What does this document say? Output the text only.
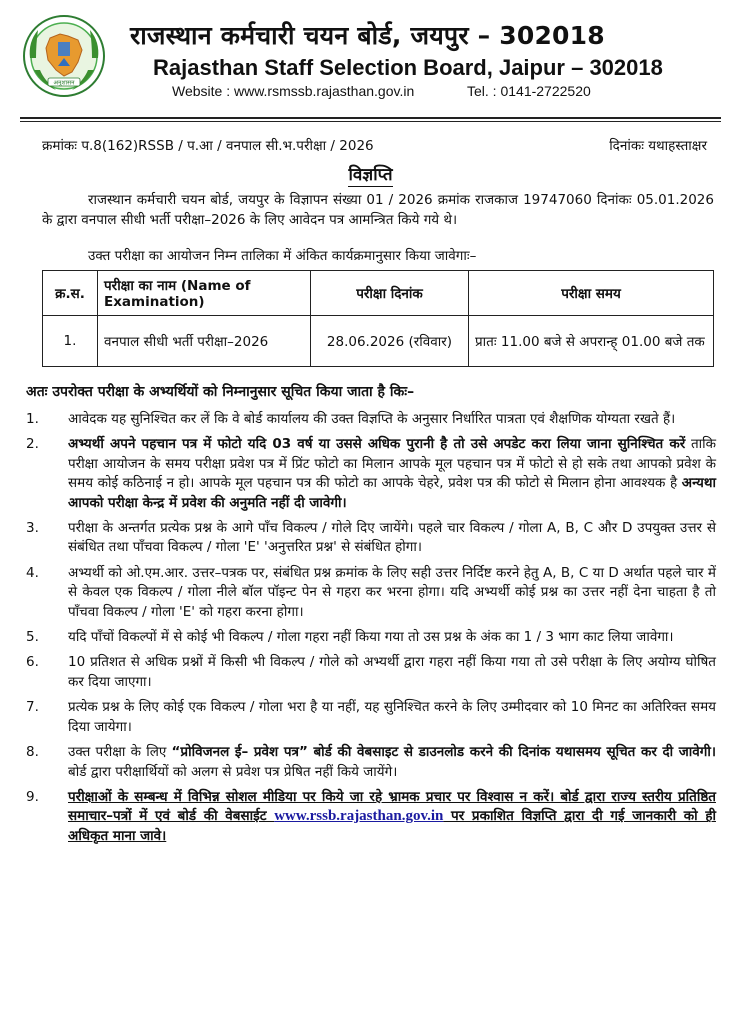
अनुशासन
राजस्थान कर्मचारी चयन बोर्ड, जयपुर – 302018
Rajasthan Staff Selection Board, Jaipur – 302018
Website : www.rsmssb.rajasthan.gov.in	Tel. : 0141-2722520
क्रमांकः प.8(162)RSSB / प.आ / वनपाल सी.भ.परीक्षा / 2026	दिनांकः यथाहस्ताक्षर
विज्ञप्ति
राजस्थान कर्मचारी चयन बोर्ड, जयपुर के विज्ञापन संख्या 01 / 2026 क्रमांक राजकाज 19747060 दिनांकः 05.01.2026 के द्वारा वनपाल सीधी भर्ती परीक्षा–2026 के लिए आवेदन पत्र आमन्त्रित किये गये थे।
उक्त परीक्षा का आयोजन निम्न तालिका में अंकित कार्यक्रमानुसार किया जावेगाः–
क्र.स.	परीक्षा का नाम (Name of Examination)	परीक्षा दिनांक	परीक्षा समय
1.	वनपाल सीधी भर्ती परीक्षा–2026	28.06.2026 (रविवार)	प्रातः 11.00 बजे से अपरान्ह् 01.00 बजे तक
अतः उपरोक्त परीक्षा के अभ्यर्थियों को निम्नानुसार सूचित किया जाता है किः–
1.	आवेदक यह सुनिश्चित कर लें कि वे बोर्ड कार्यालय की उक्त विज्ञप्ति के अनुसार निर्धारित पात्रता एवं शैक्षणिक योग्यता रखते हैं।
2.	अभ्यर्थी अपने पहचान पत्र में फोटो यदि 03 वर्ष या उससे अधिक पुरानी है तो उसे अपडेट करा लिया जाना सुनिश्चित करें ताकि परीक्षा आयोजन के समय परीक्षा प्रवेश पत्र में प्रिंट फोटो का मिलान आपके मूल पहचान पत्र में फोटो से हो सके तथा आपको प्रवेश के समय कोई कठिनाई न हो। आपके मूल पहचान पत्र की फोटो का आपके चेहरे, प्रवेश पत्र की फोटो से मिलान होना आवश्यक है अन्यथा आपको परीक्षा केन्द्र में प्रवेश की अनुमति नहीं दी जावेगी।
3.	परीक्षा के अन्तर्गत प्रत्येक प्रश्न के आगे पाँच विकल्प / गोले दिए जायेंगे। पहले चार विकल्प / गोला A, B, C और D उपयुक्त उत्तर से संबंधित तथा पाँचवा विकल्प / गोला 'E' 'अनुत्तरित प्रश्न' से संबंधित होगा।
4.	अभ्यर्थी को ओ.एम.आर. उत्तर–पत्रक पर, संबंधित प्रश्न क्रमांक के लिए सही उत्तर निर्दिष्ट करने हेतु A, B, C या D अर्थात पहले चार में से केवल एक विकल्प / गोला नीले बॉल पॉइन्ट पेन से गहरा कर भरना होगा। यदि अभ्यर्थी कोई प्रश्न का उत्तर नहीं देना चाहता है तो पाँचवा विकल्प / गोला 'E' को गहरा करना होगा।
5.	यदि पाँचों विकल्पों में से कोई भी विकल्प / गोला गहरा नहीं किया गया तो उस प्रश्न के अंक का 1 / 3 भाग काट लिया जावेगा।
6.	10 प्रतिशत से अधिक प्रश्नों में किसी भी विकल्प / गोले को अभ्यर्थी द्वारा गहरा नहीं किया गया तो उसे परीक्षा के लिए अयोग्य घोषित कर दिया जाएगा।
7.	प्रत्येक प्रश्न के लिए कोई एक विकल्प / गोला भरा है या नहीं, यह सुनिश्चित करने के लिए उम्मीदवार को 10 मिनट का अतिरिक्त समय दिया जायेगा।
8.	उक्त परीक्षा के लिए “प्रोविजनल ई– प्रवेश पत्र” बोर्ड की वेबसाइट से डाउनलोड करने की दिनांक यथासमय सूचित कर दी जावेगी। बोर्ड द्वारा परीक्षार्थियों को अलग से प्रवेश पत्र प्रेषित नहीं किये जायेंगे।
9.	परीक्षाओं के सम्बन्ध में विभिन्न सोशल मीडिया पर किये जा रहे भ्रामक प्रचार पर विश्वास न करें। बोर्ड द्वारा राज्य स्तरीय प्रतिष्ठित समाचार–पत्रों में एवं बोर्ड की वेबसाईट www.rssb.rajasthan.gov.in पर प्रकाशित विज्ञप्ति द्वारा दी गई जानकारी को ही अधिकृत माना जावे।
